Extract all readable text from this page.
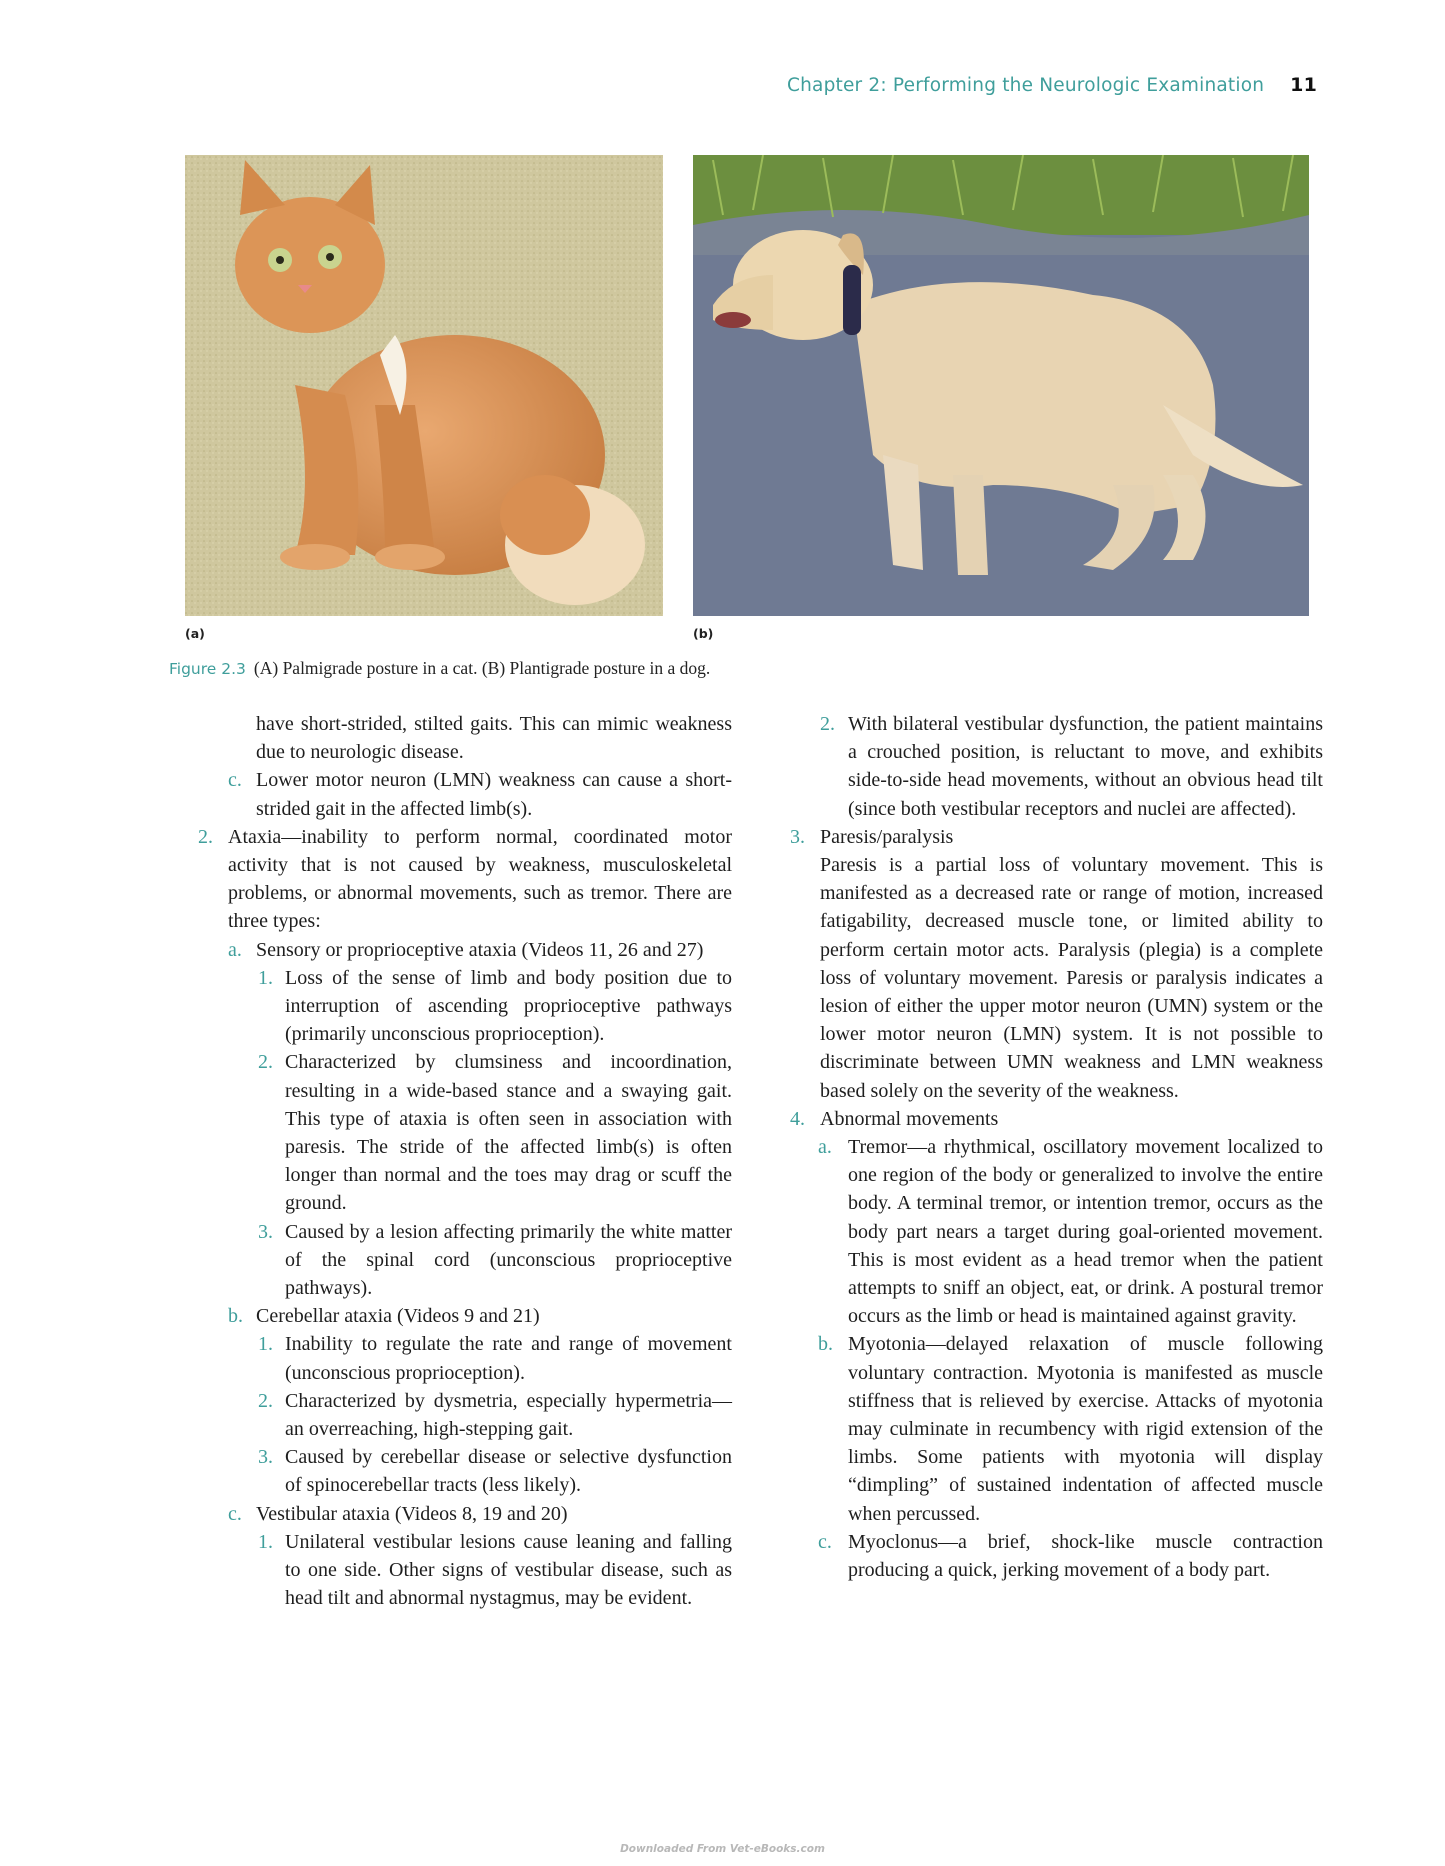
Chapter 2: Performing the Neurologic Examination 11
(a)	(b)
Figure 2.3 (A) Palmigrade posture in a cat. (B) Plantigrade posture in a dog.
have short-strided, stilted gaits. This can mimic weakness due to neurologic disease.
c. Lower motor neuron (LMN) weakness can cause a short-strided gait in the affected limb(s).
2. Ataxia—inability to perform normal, coordinated motor activity that is not caused by weakness, musculoskeletal problems, or abnormal movements, such as tremor. There are three types:
a. Sensory or proprioceptive ataxia (Videos 11, 26 and 27)
1. Loss of the sense of limb and body position due to interruption of ascending proprioceptive pathways (primarily unconscious proprioception).
2. Characterized by clumsiness and incoordination, resulting in a wide-based stance and a swaying gait. This type of ataxia is often seen in association with paresis. The stride of the affected limb(s) is often longer than normal and the toes may drag or scuff the ground.
3. Caused by a lesion affecting primarily the white matter of the spinal cord (unconscious proprioceptive pathways).
b. Cerebellar ataxia (Videos 9 and 21)
1. Inability to regulate the rate and range of movement (unconscious proprioception).
2. Characterized by dysmetria, especially hypermetria—an overreaching, high-stepping gait.
3. Caused by cerebellar disease or selective dysfunction of spinocerebellar tracts (less likely).
c. Vestibular ataxia (Videos 8, 19 and 20)
1. Unilateral vestibular lesions cause leaning and falling to one side. Other signs of vestibular disease, such as head tilt and abnormal nystagmus, may be evident.
2. With bilateral vestibular dysfunction, the patient maintains a crouched position, is reluctant to move, and exhibits side-to-side head movements, without an obvious head tilt (since both vestibular receptors and nuclei are affected).
3. Paresis/paralysis
Paresis is a partial loss of voluntary movement. This is manifested as a decreased rate or range of motion, increased fatigability, decreased muscle tone, or limited ability to perform certain motor acts. Paralysis (plegia) is a complete loss of voluntary movement. Paresis or paralysis indicates a lesion of either the upper motor neuron (UMN) system or the lower motor neuron (LMN) system. It is not possible to discriminate between UMN weakness and LMN weakness based solely on the severity of the weakness.
4. Abnormal movements
a. Tremor—a rhythmical, oscillatory movement localized to one region of the body or generalized to involve the entire body. A terminal tremor, or intention tremor, occurs as the body part nears a target during goal-oriented movement. This is most evident as a head tremor when the patient attempts to sniff an object, eat, or drink. A postural tremor occurs as the limb or head is maintained against gravity.
b. Myotonia—delayed relaxation of muscle following voluntary contraction. Myotonia is manifested as muscle stiffness that is relieved by exercise. Attacks of myotonia may culminate in recumbency with rigid extension of the limbs. Some patients with myotonia will display “dimpling” of sustained indentation of affected muscle when percussed.
c. Myoclonus—a brief, shock-like muscle contraction producing a quick, jerking movement of a body part.
Downloaded From Vet-eBooks.com
